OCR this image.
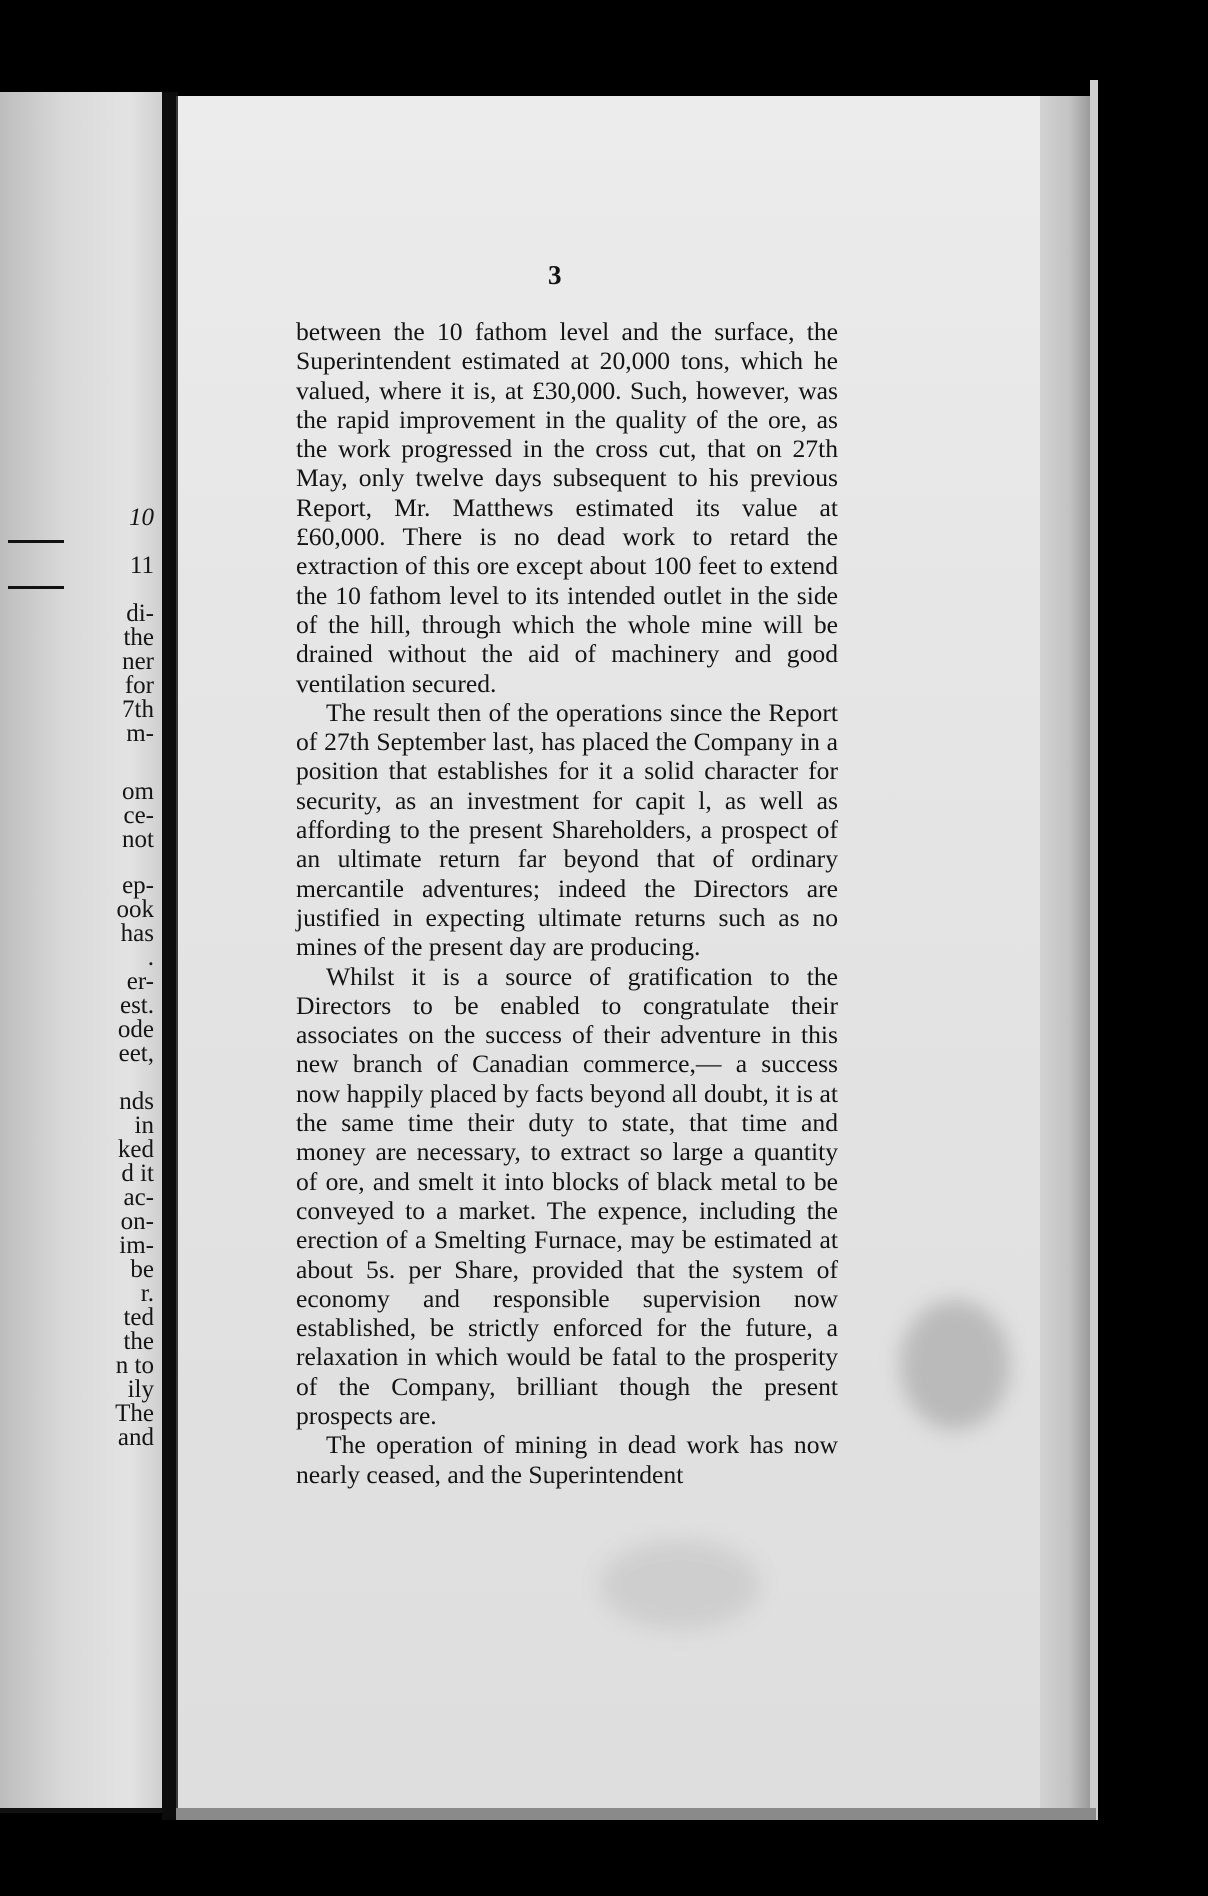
10
11
di-
the
ner
for
7th
m-
om
ce-
not
ep-
ook
has
.
er-
est.
ode
eet,
nds
in
ked
d it
ac-
on-
im-
be
r.
ted
the
n to
ily
The
and
3

between the 10 fathom level and the surface, the Superintendent estimated at 20,000 tons, which he valued, where it is, at £30,000. Such, however, was the rapid improvement in the quality of the ore, as the work progressed in the cross cut, that on 27th May, only twelve days subsequent to his previous Report, Mr. Matthews estimated its value at £60,000. There is no dead work to retard the extraction of this ore except about 100 feet to extend the 10 fathom level to its intended outlet in the side of the hill, through which the whole mine will be drained without the aid of machinery and good ventilation secured.

The result then of the operations since the Report of 27th September last, has placed the Company in a position that establishes for it a solid character for security, as an investment for capit l, as well as affording to the present Shareholders, a prospect of an ultimate return far beyond that of ordinary mercantile adventures; indeed the Directors are justified in expecting ultimate returns such as no mines of the present day are producing.

Whilst it is a source of gratification to the Directors to be enabled to congratulate their associates on the success of their adventure in this new branch of Canadian commerce,— a success now happily placed by facts beyond all doubt, it is at the same time their duty to state, that time and money are necessary, to extract so large a quantity of ore, and smelt it into blocks of black metal to be conveyed to a market. The expence, including the erection of a Smelting Furnace, may be estimated at about 5s. per Share, provided that the system of economy and responsible supervision now established, be strictly enforced for the future, a relaxation in which would be fatal to the prosperity of the Company, brilliant though the present prospects are.

The operation of mining in dead work has now nearly ceased, and the Superintendent
